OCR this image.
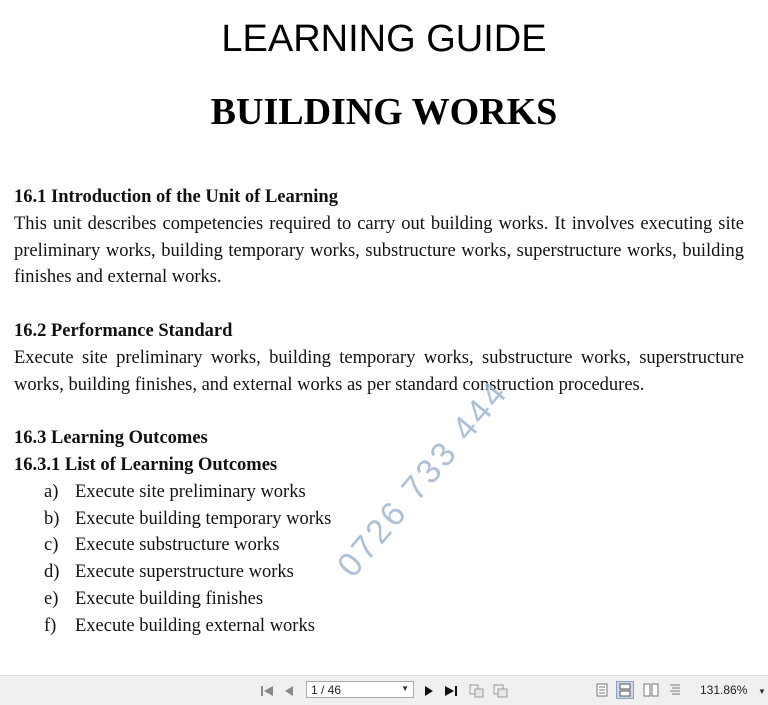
LEARNING GUIDE
BUILDING WORKS

16.1 Introduction of the Unit of Learning

This unit describes competencies required to carry out building works. It involves executing site preliminary works, building temporary works, substructure works, superstructure works, building finishes and external works.

16.2 Performance Standard

Execute site preliminary works, building temporary works, substructure works, superstructure works, building finishes, and external works as per standard construction procedures.

16.3 Learning Outcomes

16.3.1 List of Learning Outcomes

a) Execute site preliminary works
b) Execute building temporary works
c) Execute substructure works
d) Execute superstructure works
e) Execute building finishes
f)	Execute building external works
0726 733 444
1 / 46	▼	131.86% ▼
